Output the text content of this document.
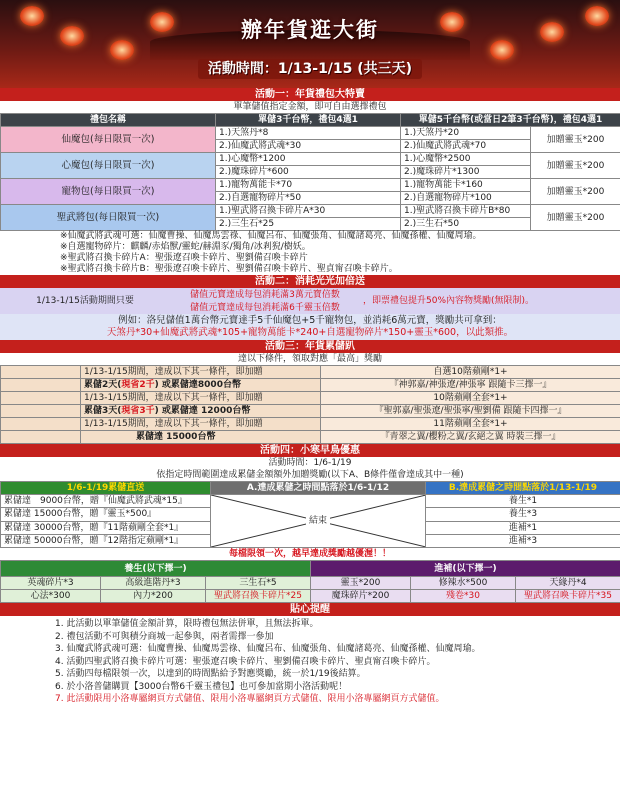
辦年貨逛大街
活動時間：1/13-1/15 (共三天)
活動一：年貨禮包大特賣
單筆儲值指定金額，即可自由選擇禮包
禮包名稱	單儲3千台幣，禮包4選1	單儲5千台幣(或當日2筆3千台幣)，禮包4選1	
仙魔包(每日限買一次)	1.)天煞丹*8	1.)天煞丹*20	加贈靈玉*200
	2.)仙魔武將武魂*30	2.)仙魔武將武魂*70	
心魔包(每日限買一次)	1.)心魔幣*1200	1.)心魔幣*2500	加贈靈玉*200
	2.)魔珠碎片*600	2.)魔珠碎片*1300	
寵物包(每日限買一次)	1.)寵物萬能卡*70	1.)寵物萬能卡*160	加贈靈玉*200
	2.)自選寵物碎片*50	2.)自選寵物碎片*100	
聖武將包(每日限買一次)	1.)聖武將召換卡碎片A*30	1.)聖武將召換卡碎片B*80	加贈靈玉*200
	2.)三生石*25	2.)三生石*50	
※仙魔武將武魂可選：仙魔曹操、仙魔馬雲祿、仙魔呂布、仙魔張角、仙魔諸葛亮、仙魔孫權、仙魔周瑜。
※自選寵物碎片：麒麟/赤焰獸/靈蛇/赫淵豕/獨角/冰剎猊/樹妖。
※聖武將召換卡碎片A：聖張遼召喚卡碎片、聖劉備召喚卡碎片
※聖武將召換卡碎片B：聖張遼召喚卡碎片、聖劉備召喚卡碎片、聖貞甯召喚卡碎片。
活動二：消耗光光加倍送
1/13-1/15活動期間只要	儲值元寶達成每包消耗滿3萬元寶倍數	，即票禮包提升50%內容物獎勵(無限制)。
儲值元寶達成每包消耗滿6千靈玉倍數
例如：洛兒儲值1萬台幣元寶達手5千仙魔包+5千寵物包，並消耗6萬元寶，獎勵共可拿到：
天煞丹*30+仙魔武將武魂*105+寵物萬能卡*240+自選寵物碎片*150+靈玉*600，以此類推。
活動三：年貨累儲趴
達以下條件，領取對應「最高」獎勵
	1/13-1/15期間，達成以下其一條件，即加贈	自選10階蘋剛*1+
	累儲2天(現省2千) 或累儲達8000台幣	『神郭嘉/神張遼/神張寧 跟隨卡三擇一』
	1/13-1/15期間，達成以下其一條件，即加贈	10階蘋剛全套*1+
	累儲3天(現省3千) 或累儲達 12000台幣	『聖郭嘉/聖張遼/聖張寧/聖劉備 跟隨卡四擇一』
	1/13-1/15期間，達成以下其一條件，即加贈	11階蘋剛全套*1+
	累儲達 15000台幣	『青翠之翼/櫻粉之翼/玄絕之翼 時裝三擇一』
活動四：小寒早鳥優惠
活動時間：1/6-1/19
依指定時間範圍達成累儲金額額外加贈獎勵(以下A、B條件僅會達成其中一種)
1/6-1/19累儲直送	A.達成累儲之時間點落於1/6-1/12	B.達成累儲之時間點落於1/13-1/19
累儲達　9000台幣，贈『仙魔武將武魂*15』	結束	養生*1
累儲達 15000台幣，贈『靈玉*500』		養生*3
累儲達 30000台幣，贈『11階蘋剛全套*1』		進補*1
累儲達 50000台幣，贈『12階指定蘋剛*1』		進補*3
每檔限領一次，越早達成獎勵越優渥！！
養生(以下擇一)			進補(以下擇一)		
英魂碎片*3	高級進階丹*3	三生石*5	靈玉*200	修辣水*500	天緣丹*4
心法*300	內力*200	聖武將召換卡碎片*25	魔珠碎片*200	殘卷*30	聖武將召喚卡碎片*35
貼心提醒
1. 此活動以單筆儲值金額計算，限時禮包無法併單，且無法拆單。
2. 禮包活動不可與積分商城一起參與，兩者需擇一參加
3. 仙魔武將武魂可選：仙魔曹操、仙魔馬雲祿、仙魔呂布、仙魔張角、仙魔諸葛亮、仙魔孫權、仙魔周瑜。
4. 活動四聖武將召換卡碎片可選：聖張遼召喚卡碎片、聖劉備召喚卡碎片、聖貞甯召喚卡碎片。
5. 活動四每檔限領一次，以達到的時間點給予對應獎勵，統一於1/19後結算。
6. 於小洛普儲購買【3000台幣6千靈玉禮包】也可參加當期小洛活動呢！
7. 此活動限用小洛專屬網頁方式儲值、限用小洛專屬網頁方式儲值、限用小洛專屬網頁方式儲值。
